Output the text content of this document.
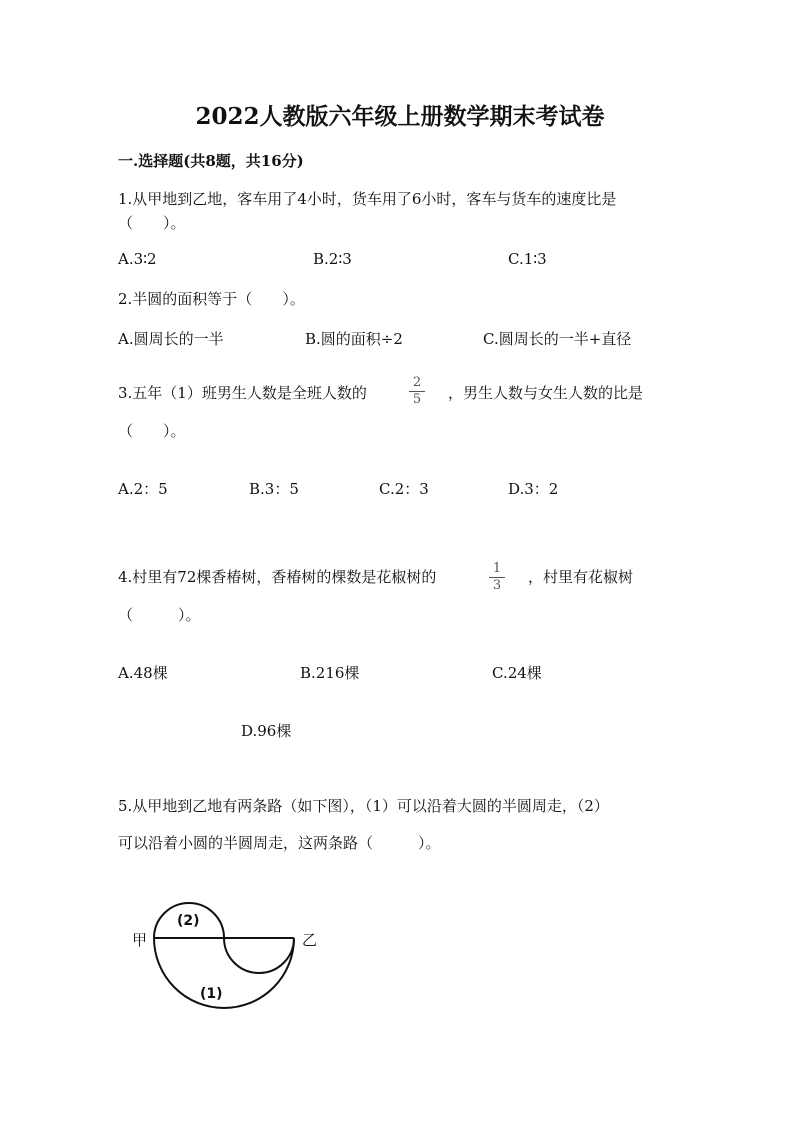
2022人教版六年级上册数学期末考试卷
一.选择题(共8题，共16分)
1.从甲地到乙地，客车用了4小时，货车用了6小时，客车与货车的速度比是
（　　）。
A.3∶2	B.2∶3	C.1∶3
2.半圆的面积等于（　　）。
A.圆周长的一半	B.圆的面积÷2	C.圆周长的一半+直径
3.五年（1）班男生人数是全班人数的
2
5 ，男生人数与女生人数的比是
（　　）。
A.2：5	B.3：5	C.2：3	D.3：2
4.村里有72棵香椿树，香椿树的棵数是花椒树的	1
3 ，村里有花椒树
（　　　）。
A.48棵	B.216棵	C.24棵
D.96棵
5.从甲地到乙地有两条路（如下图），（1）可以沿着大圆的半圆周走，（2）
可以沿着小圆的半圆周走，这两条路（　　　）。
甲	乙
(2)
(1)
